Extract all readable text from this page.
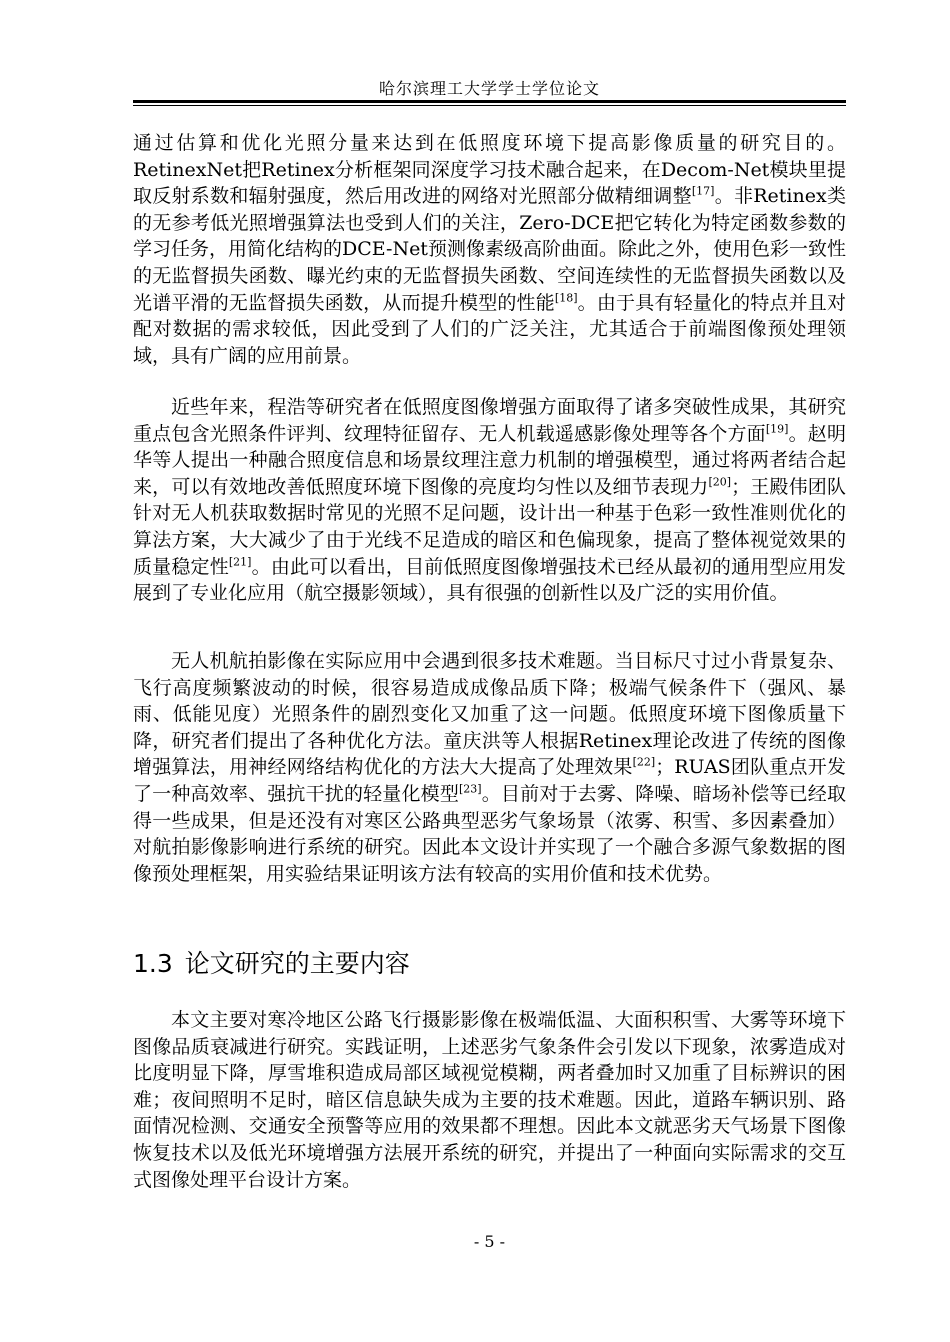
哈尔滨理工大学学士学位论文

通过估算和优化光照分量来达到在低照度环境下提高影像质量的研究目的。RetinexNet把Retinex分析框架同深度学习技术融合起来，在Decom-Net模块里提取反射系数和辐射强度，然后用改进的网络对光照部分做精细调整[17]。非Retinex类的无参考低光照增强算法也受到人们的关注，Zero-DCE把它转化为特定函数参数的学习任务，用简化结构的DCE-Net预测像素级高阶曲面。除此之外，使用色彩一致性的无监督损失函数、曝光约束的无监督损失函数、空间连续性的无监督损失函数以及光谱平滑的无监督损失函数，从而提升模型的性能[18]。由于具有轻量化的特点并且对配对数据的需求较低，因此受到了人们的广泛关注，尤其适合于前端图像预处理领域，具有广阔的应用前景。

近些年来，程浩等研究者在低照度图像增强方面取得了诸多突破性成果，其研究重点包含光照条件评判、纹理特征留存、无人机载遥感影像处理等各个方面[19]。赵明华等人提出一种融合照度信息和场景纹理注意力机制的增强模型，通过将两者结合起来，可以有效地改善低照度环境下图像的亮度均匀性以及细节表现力[20]；王殿伟团队针对无人机获取数据时常见的光照不足问题，设计出一种基于色彩一致性准则优化的算法方案，大大减少了由于光线不足造成的暗区和色偏现象，提高了整体视觉效果的质量稳定性[21]。由此可以看出，目前低照度图像增强技术已经从最初的通用型应用发展到了专业化应用（航空摄影领域），具有很强的创新性以及广泛的实用价值。

无人机航拍影像在实际应用中会遇到很多技术难题。当目标尺寸过小背景复杂、飞行高度频繁波动的时候，很容易造成成像品质下降；极端气候条件下（强风、暴雨、低能见度）光照条件的剧烈变化又加重了这一问题。低照度环境下图像质量下降，研究者们提出了各种优化方法。童庆洪等人根据Retinex理论改进了传统的图像增强算法，用神经网络结构优化的方法大大提高了处理效果[22]；RUAS团队重点开发了一种高效率、强抗干扰的轻量化模型[23]。目前对于去雾、降噪、暗场补偿等已经取得一些成果，但是还没有对寒区公路典型恶劣气象场景（浓雾、积雪、多因素叠加）对航拍影像影响进行系统的研究。因此本文设计并实现了一个融合多源气象数据的图像预处理框架，用实验结果证明该方法有较高的实用价值和技术优势。

1.3 论文研究的主要内容

本文主要对寒冷地区公路飞行摄影影像在极端低温、大面积积雪、大雾等环境下图像品质衰减进行研究。实践证明，上述恶劣气象条件会引发以下现象，浓雾造成对比度明显下降，厚雪堆积造成局部区域视觉模糊，两者叠加时又加重了目标辨识的困难；夜间照明不足时，暗区信息缺失成为主要的技术难题。因此，道路车辆识别、路面情况检测、交通安全预警等应用的效果都不理想。因此本文就恶劣天气场景下图像恢复技术以及低光环境增强方法展开系统的研究，并提出了一种面向实际需求的交互式图像处理平台设计方案。

- 5 -
